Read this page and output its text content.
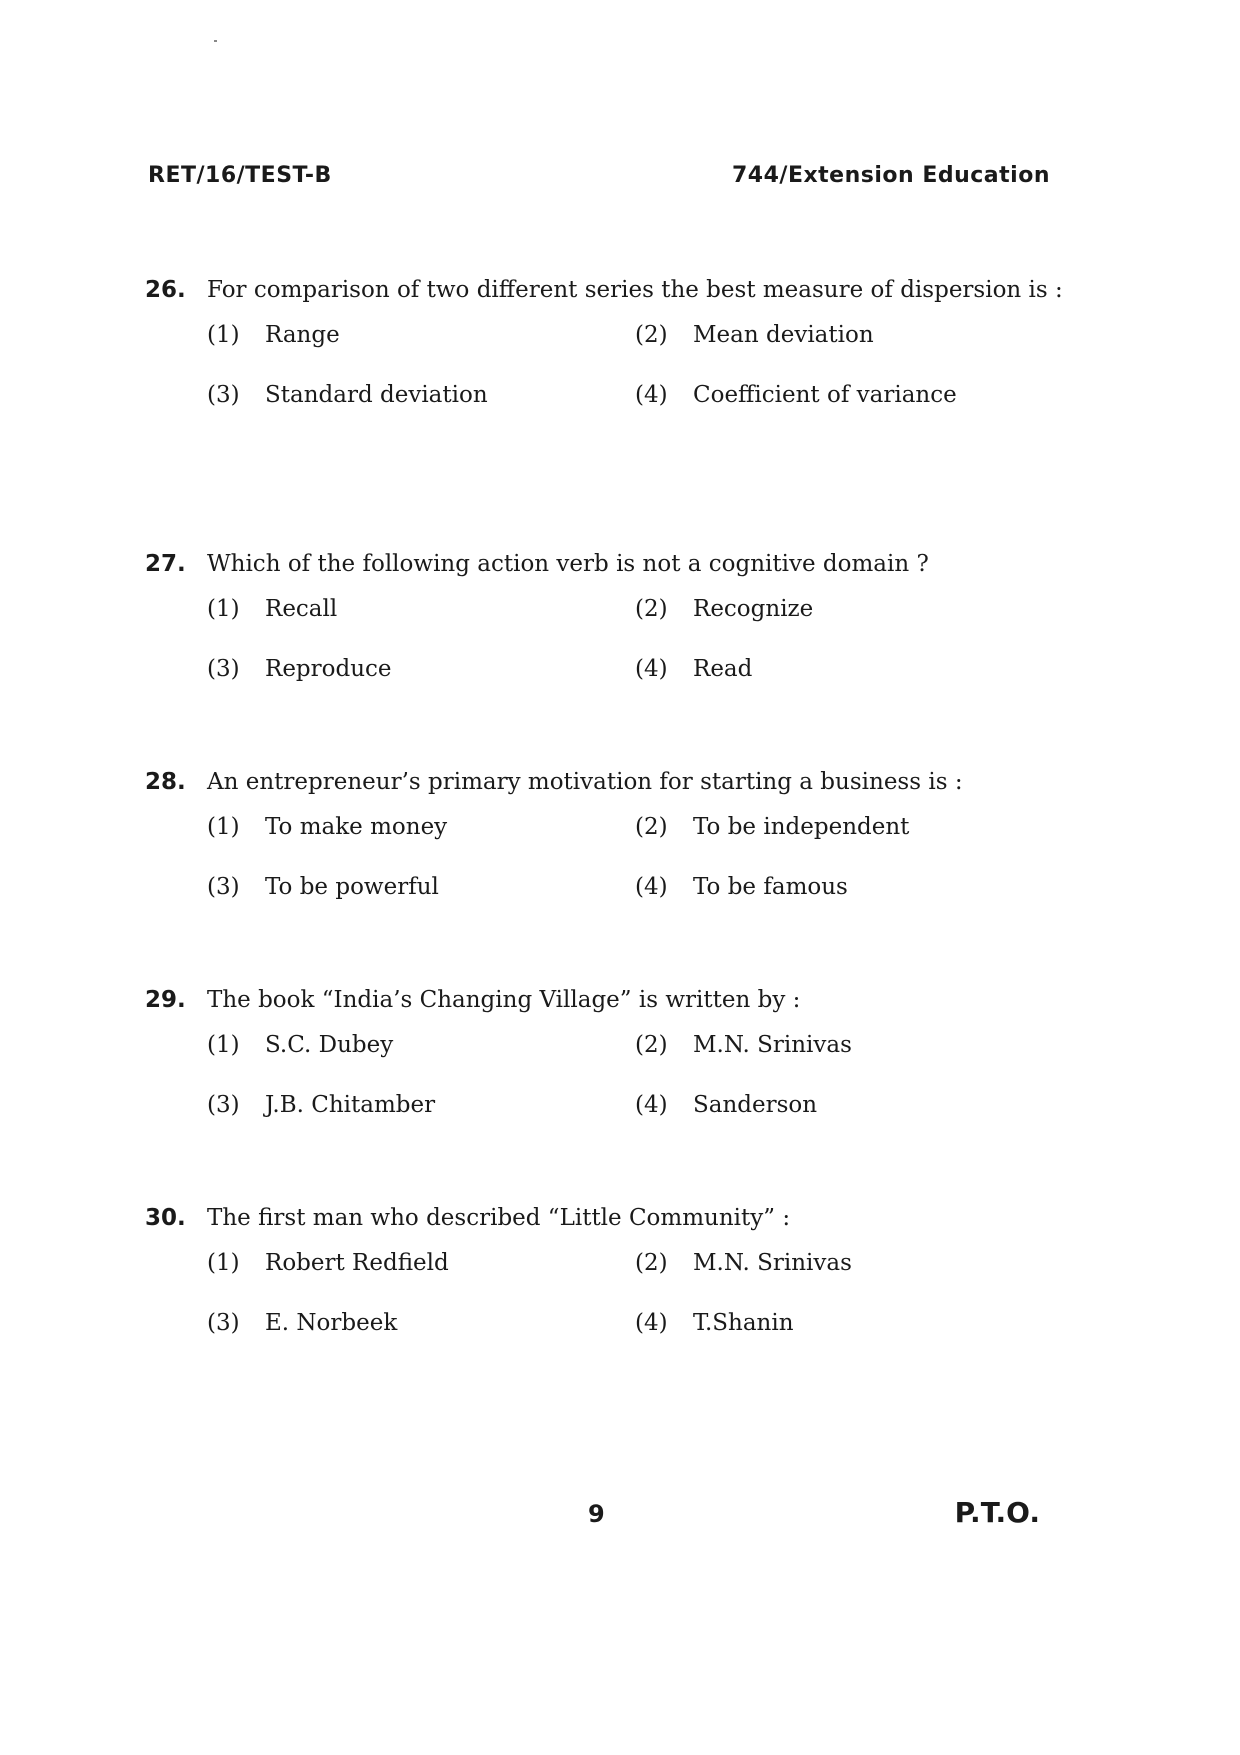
RET/16/TEST-B	744/Extension Education
26. For comparison of two different series the best measure of dispersion is :
(1) Range	(2) Mean deviation
(3) Standard deviation	(4) Coefficient of variance
27. Which of the following action verb is not a cognitive domain ?
(1) Recall	(2) Recognize
(3) Reproduce	(4) Read
28. An entrepreneur’s primary motivation for starting a business is :
(1) To make money	(2) To be independent
(3) To be powerful	(4) To be famous
29. The book “India’s Changing Village” is written by :
(1) S.C. Dubey	(2) M.N. Srinivas
(3) J.B. Chitamber	(4) Sanderson
30. The first man who described “Little Community” :
(1) Robert Redfield	(2) M.N. Srinivas
(3) E. Norbeek	(4) T.Shanin
9	P.T.O.
